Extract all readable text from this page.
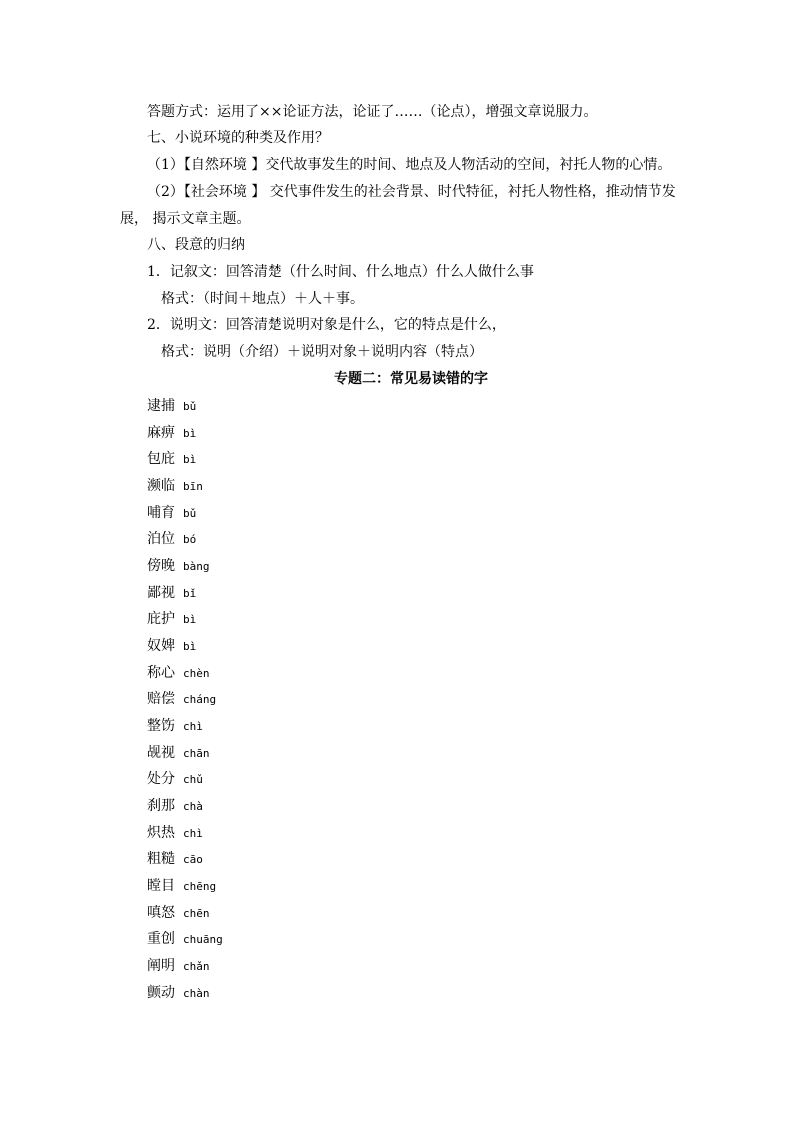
答题方式：运用了××论证方法，论证了……（论点），增强文章说服力。
七、小说环境的种类及作用？
（1）【自然环境 】交代故事发生的时间、地点及人物活动的空间，衬托人物的心情。
（2）【社会环境 】 交代事件发生的社会背景、时代特征，衬托人物性格，推动情节发
展， 揭示文章主题。
八、段意的归纳
1．记叙文：回答清楚（什么时间、什么地点）什么人做什么事
格式：（时间＋地点）＋人＋事。
2．说明文：回答清楚说明对象是什么，它的特点是什么，
格式：说明（介绍）＋说明对象＋说明内容（特点）
专题二：常见易读错的字
逮捕 bǔ
麻痹 bì
包庇 bì
濒临 bīn
哺育 bǔ
泊位 bó
傍晚 bàng
鄙视 bǐ
庇护 bì
奴婢 bì
称心 chèn
赔偿 cháng
整饬 chì
觇视 chān
处分 chǔ
刹那 chà
炽热 chì
粗糙 cāo
瞠目 chēng
嗔怒 chēn
重创 chuāng
阐明 chǎn
颤动 chàn
